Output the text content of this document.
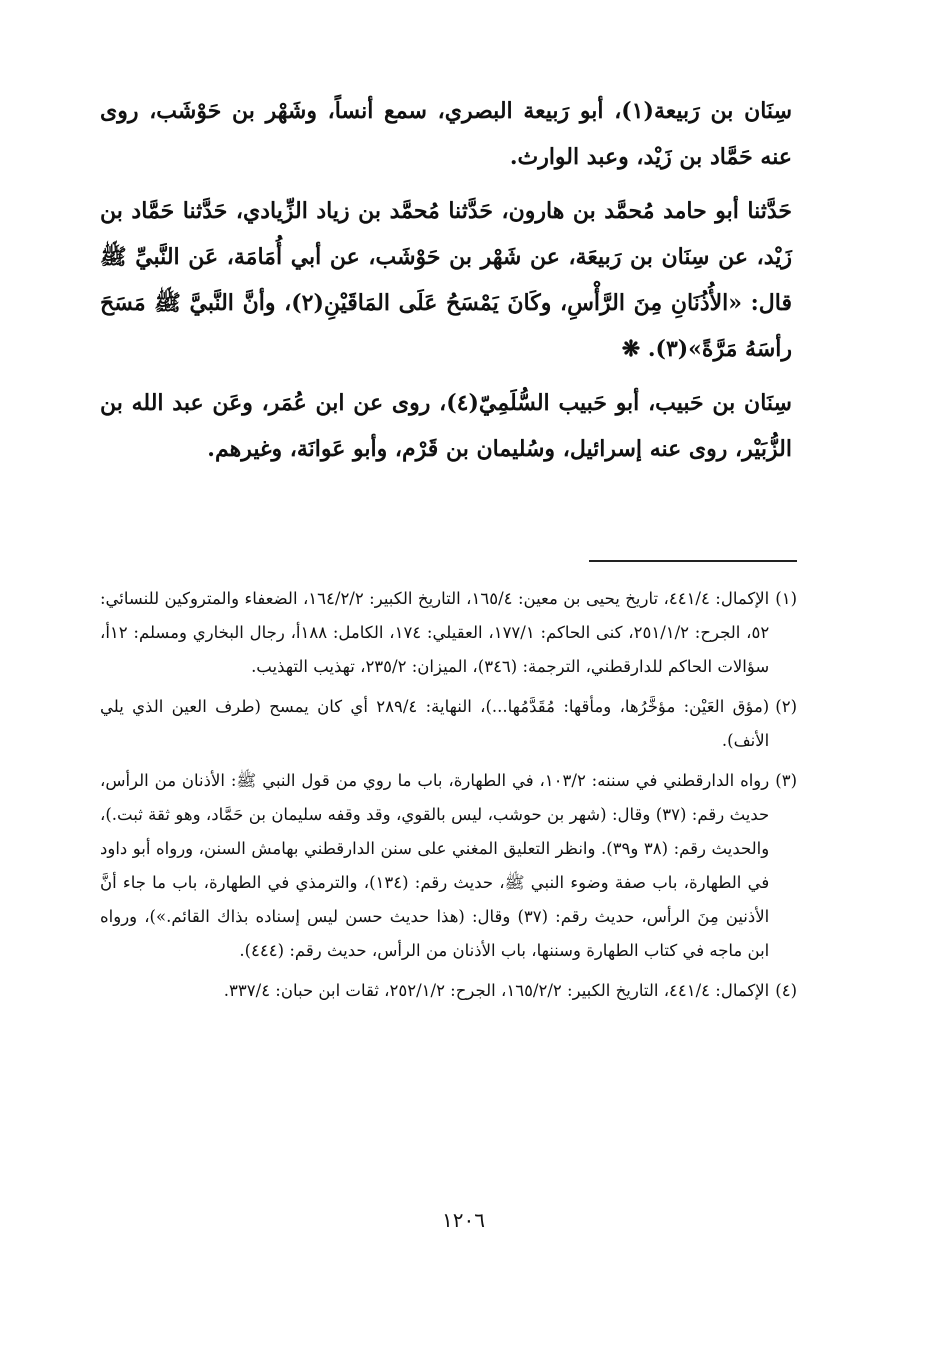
سِنَان بن رَبيعة(١)، أبو رَبيعة البصري، سمع أنساً، وشَهْر بن حَوْشَب، روى عنه حَمَّاد بن زَيْد، وعبد الوارث.

حَدَّثنا أبو حامد مُحمَّد بن هارون، حَدَّثنا مُحمَّد بن زياد الزِّيادي، حَدَّثنا حَمَّاد بن زَيْد، عن سِنَان بن رَبيعَة، عن شَهْر بن حَوْشَب، عن أبي أُمَامَة، عَن النَّبيِّ ﷺ قال: «الأُذُنَانِ مِنَ الرَّأْسِ، وكَانَ يَمْسَحُ عَلَى المَاقَيْنِ(٢)، وأنَّ النَّبيَّ ﷺ مَسَحَ رأسَهُ مَرَّةً»(٣). ❋

سِنَان بن حَبيب، أبو حَبيب السُّلَمِيّ(٤)، روى عن ابن عُمَر، وعَن عبد الله بن الزُّبَيْر، روى عنه إسرائيل، وسُليمان بن قَرْم، وأبو عَوانَة، وغيرهم.

(١)
الإكمال: ٤٤١/٤، تاريخ يحيى بن معين: ١٦٥/٤، التاريخ الكبير: ١٦٤/٢/٢، الضعفاء والمتروكين للنسائي: ٥٢، الجرح: ٢٥١/١/٢، كنى الحاكم: ١٧٧/١، العقيلي: ١٧٤، الكامل: ١٨٨أ، رجال البخاري ومسلم: ١٢أ، سؤالات الحاكم للدارقطني، الترجمة: (٣٤٦)، الميزان: ٢٣٥/٢، تهذيب التهذيب.
(٢)
(مؤق العَيْن: مؤخَّرُها، ومأقها: مُقَدَّمُها...)، النهاية: ٢٨٩/٤ أي كان يمسح (طرف العين الذي يلي الأنف).
(٣)
رواه الدارقطني في سننه: ١٠٣/٢، في الطهارة، باب ما روي من قول النبي ﷺ: الأذنان من الرأس، حديث رقم: (٣٧) وقال: (شهر بن حوشب، ليس بالقوي، وقد وقفه سليمان بن حَمَّاد، وهو ثقة ثبت.)، والحديث رقم: (٣٨ و٣٩). وانظر التعليق المغني على سنن الدارقطني بهامش السنن، ورواه أبو داود في الطهارة، باب صفة وضوء النبي ﷺ، حديث رقم: (١٣٤)، والترمذي في الطهارة، باب ما جاء أنَّ الأذنين مِنَ الرأس، حديث رقم: (٣٧) وقال: (هذا حديث حسن ليس إسناده بذاك القائم.»)، ورواه ابن ماجه في كتاب الطهارة وسننها، باب الأذنان من الرأس، حديث رقم: (٤٤٤).
(٤)
الإكمال: ٤٤١/٤، التاريخ الكبير: ١٦٥/٢/٢، الجرح: ٢٥٢/١/٢، ثقات ابن حبان: ٣٣٧/٤.
١٢٠٦
